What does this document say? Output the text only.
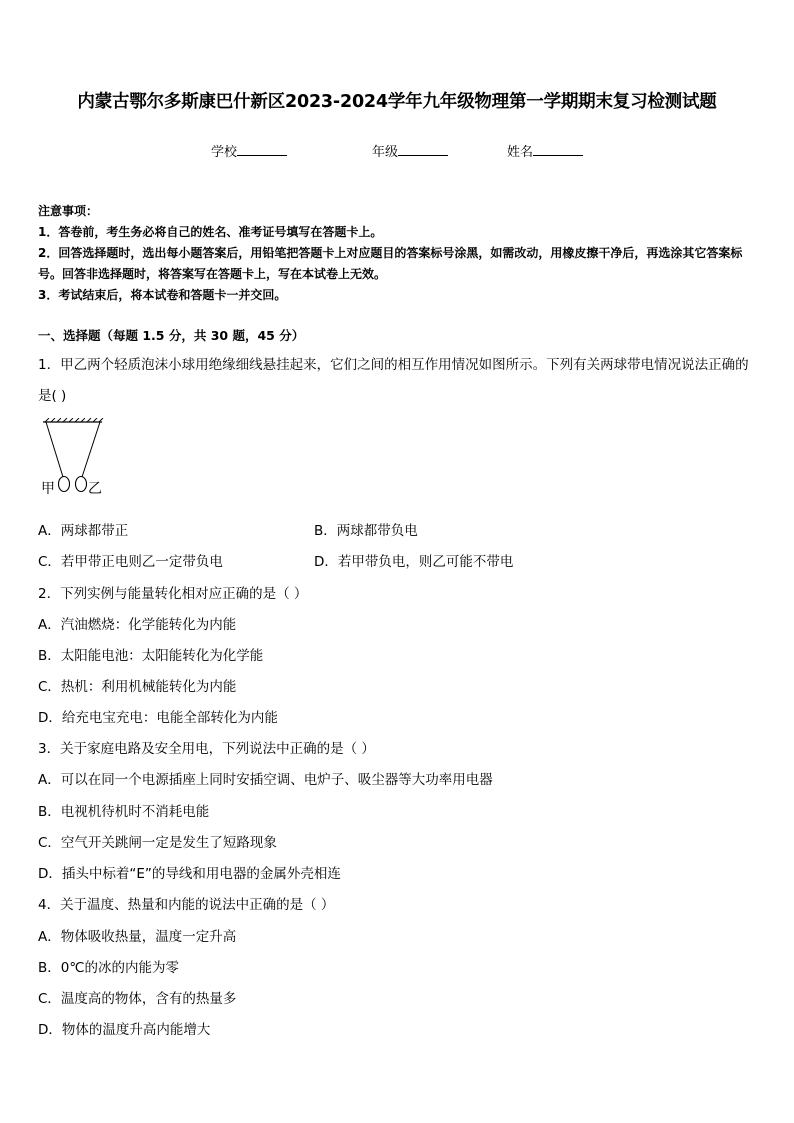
内蒙古鄂尔多斯康巴什新区2023-2024学年九年级物理第一学期期末复习检测试题
学校	年级	姓名
注意事项：
1．答卷前，考生务必将自己的姓名、准考证号填写在答题卡上。
2．回答选择题时，选出每小题答案后，用铅笔把答题卡上对应题目的答案标号涂黑，如需改动，用橡皮擦干净后，再选涂其它答案标号。回答非选择题时，将答案写在答题卡上，写在本试卷上无效。
3．考试结束后，将本试卷和答题卡一并交回。
一、选择题（每题 1.5 分，共 30 题，45 分）
1．甲乙两个轻质泡沫小球用绝缘细线悬挂起来，它们之间的相互作用情况如图所示。下列有关两球带电情况说法正确的是( )
甲 乙
A．两球都带正	B．两球都带负电
C．若甲带正电则乙一定带负电	D．若甲带负电，则乙可能不带电
2．下列实例与能量转化相对应正确的是（ ）
A．汽油燃烧：化学能转化为内能
B．太阳能电池：太阳能转化为化学能
C．热机：利用机械能转化为内能
D．给充电宝充电：电能全部转化为内能
3．关于家庭电路及安全用电，下列说法中正确的是（ ）
A．可以在同一个电源插座上同时安插空调、电炉子、吸尘器等大功率用电器
B．电视机待机时不消耗电能
C．空气开关跳闸一定是发生了短路现象
D．插头中标着“E”的导线和用电器的金属外壳相连
4．关于温度、热量和内能的说法中正确的是（ ）
A．物体吸收热量，温度一定升高
B．0℃的冰的内能为零
C．温度高的物体，含有的热量多
D．物体的温度升高内能增大
